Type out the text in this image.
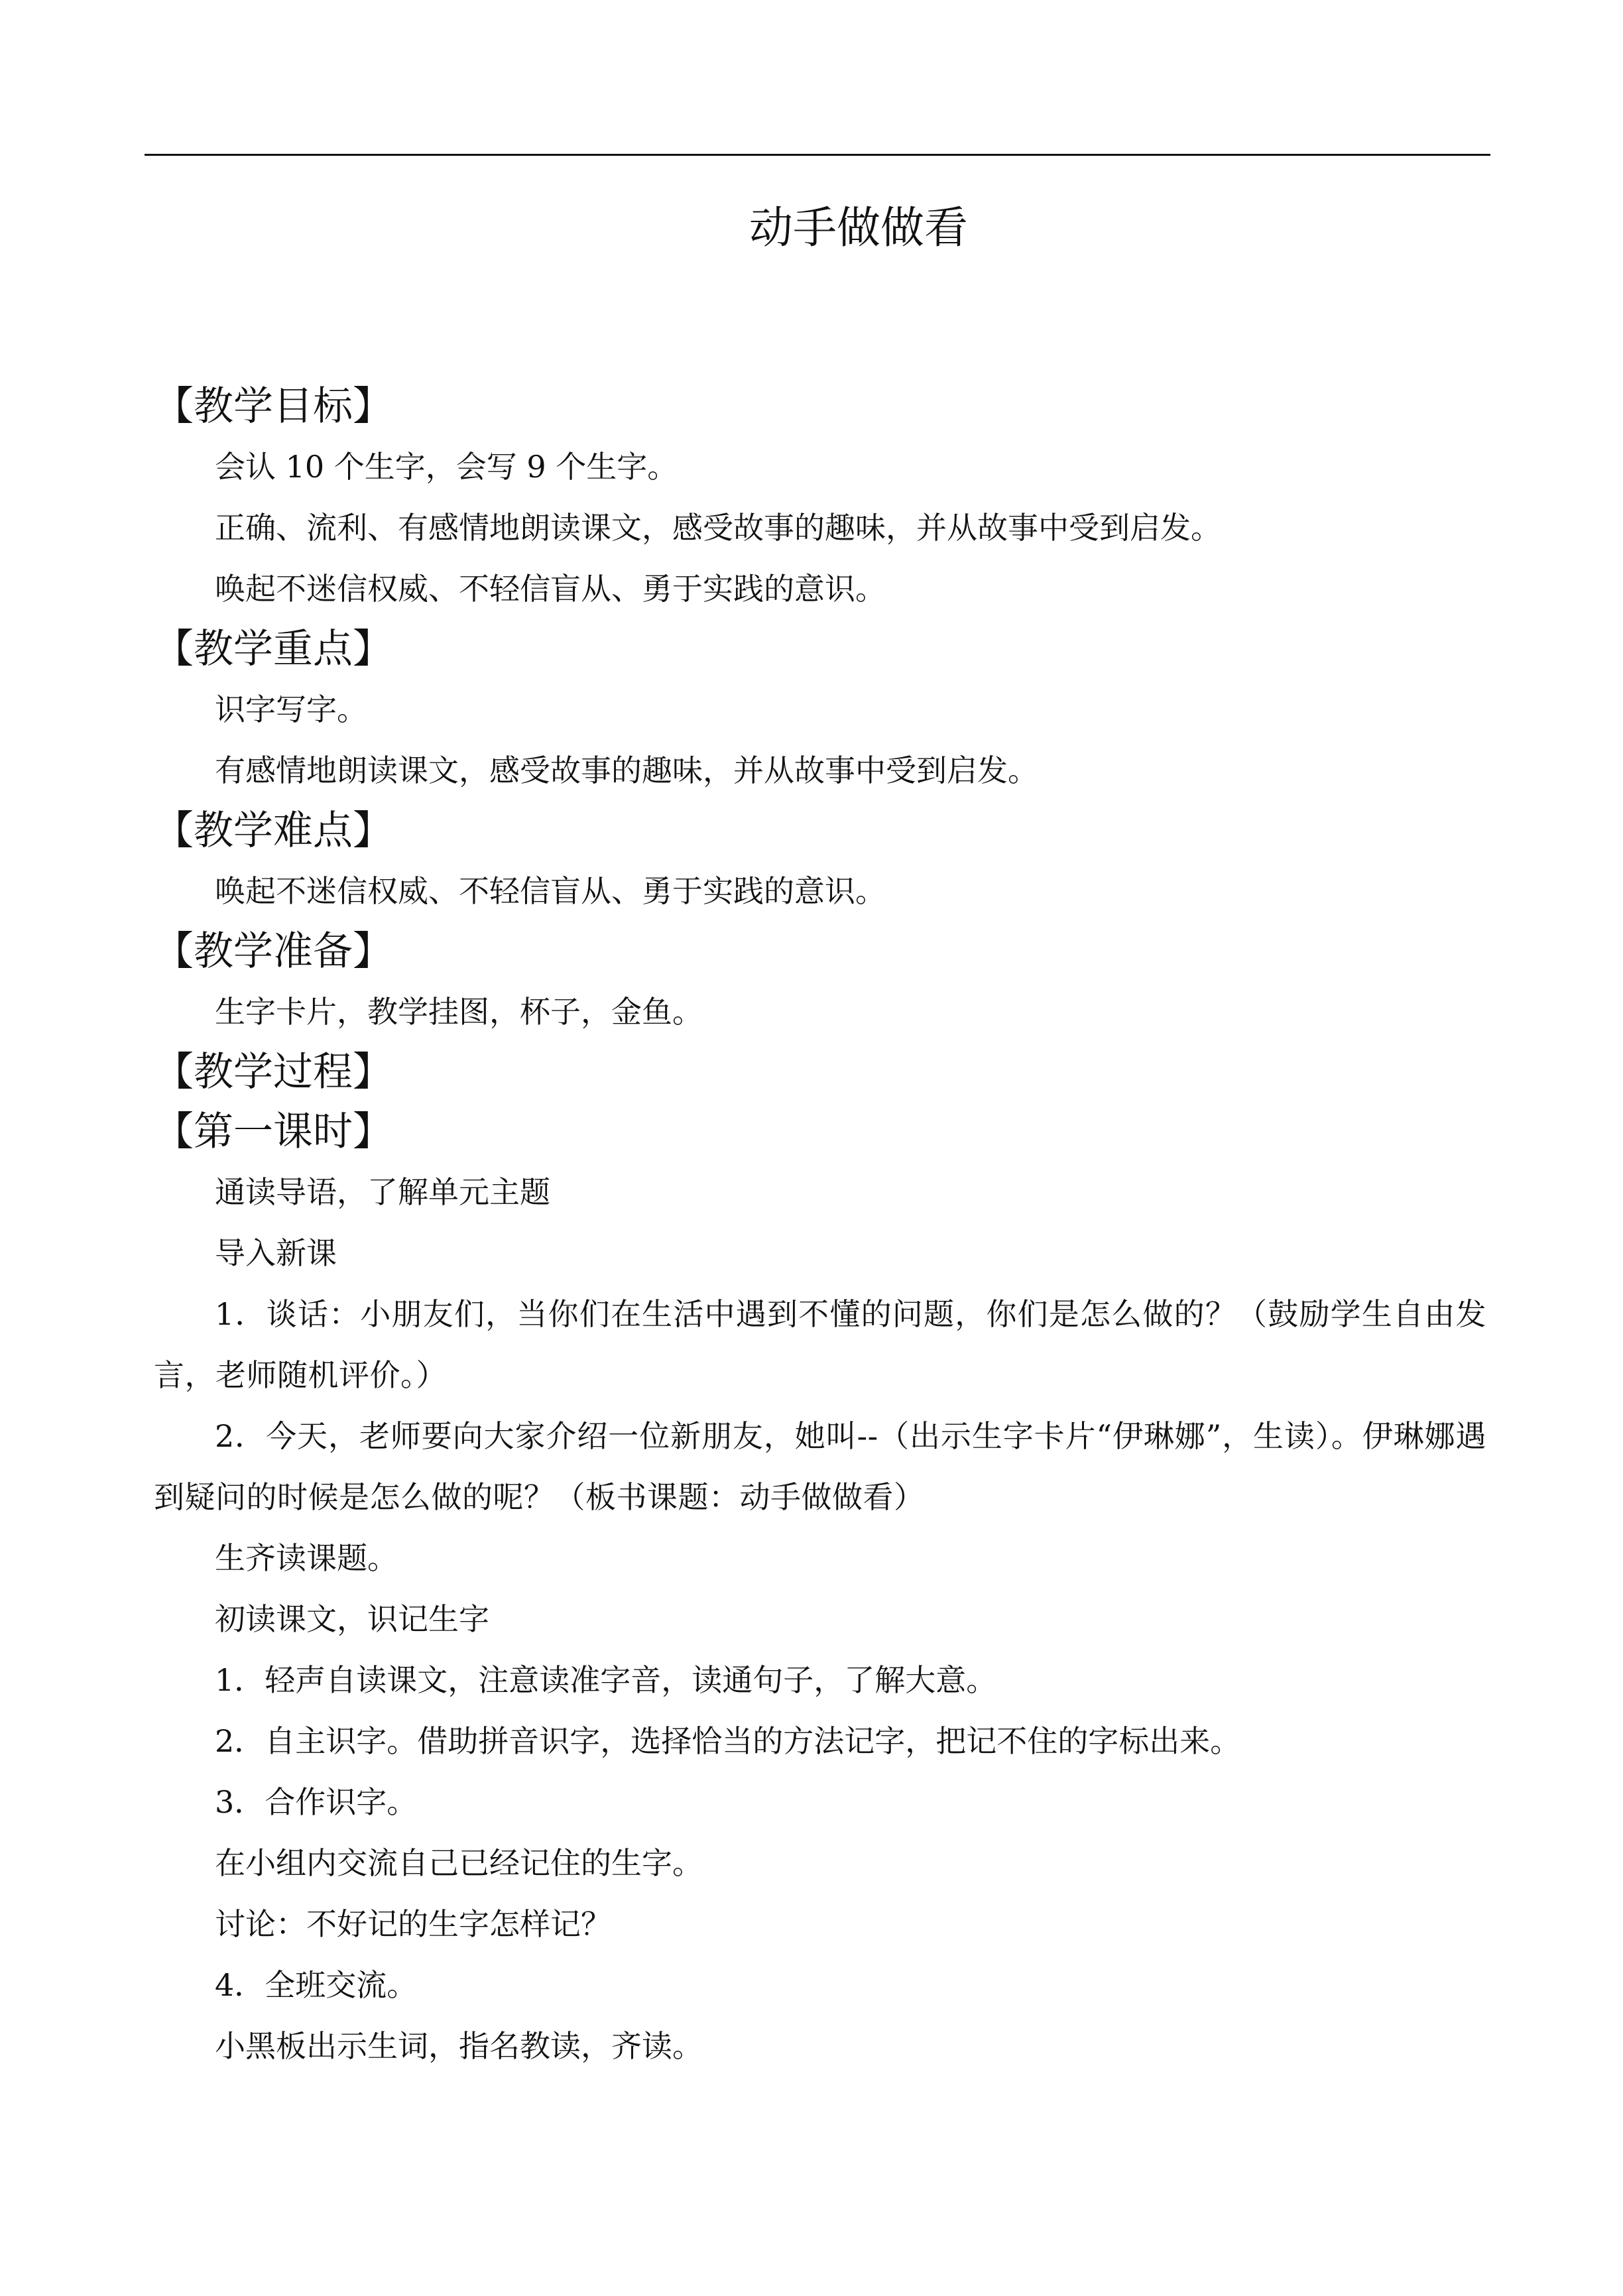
动手做做看
【教学目标】
会认 10 个生字，会写 9 个生字。
正确、流利、有感情地朗读课文，感受故事的趣味，并从故事中受到启发。
唤起不迷信权威、不轻信盲从、勇于实践的意识。
【教学重点】
识字写字。
有感情地朗读课文，感受故事的趣味，并从故事中受到启发。
【教学难点】
唤起不迷信权威、不轻信盲从、勇于实践的意识。
【教学准备】
生字卡片，教学挂图，杯子，金鱼。
【教学过程】
【第一课时】
通读导语，了解单元主题
导入新课
1．谈话：小朋友们，当你们在生活中遇到不懂的问题，你们是怎么做的？（鼓励学生自由发言，老师随机评价。）
2．今天，老师要向大家介绍一位新朋友，她叫--（出示生字卡片“伊琳娜”，生读）。伊琳娜遇到疑问的时候是怎么做的呢？（板书课题：动手做做看）
生齐读课题。
初读课文，识记生字
1．轻声自读课文，注意读准字音，读通句子，了解大意。
2．自主识字。借助拼音识字，选择恰当的方法记字，把记不住的字标出来。
3．合作识字。
在小组内交流自己已经记住的生字。
讨论：不好记的生字怎样记？
4．全班交流。
小黑板出示生词，指名教读，齐读。
